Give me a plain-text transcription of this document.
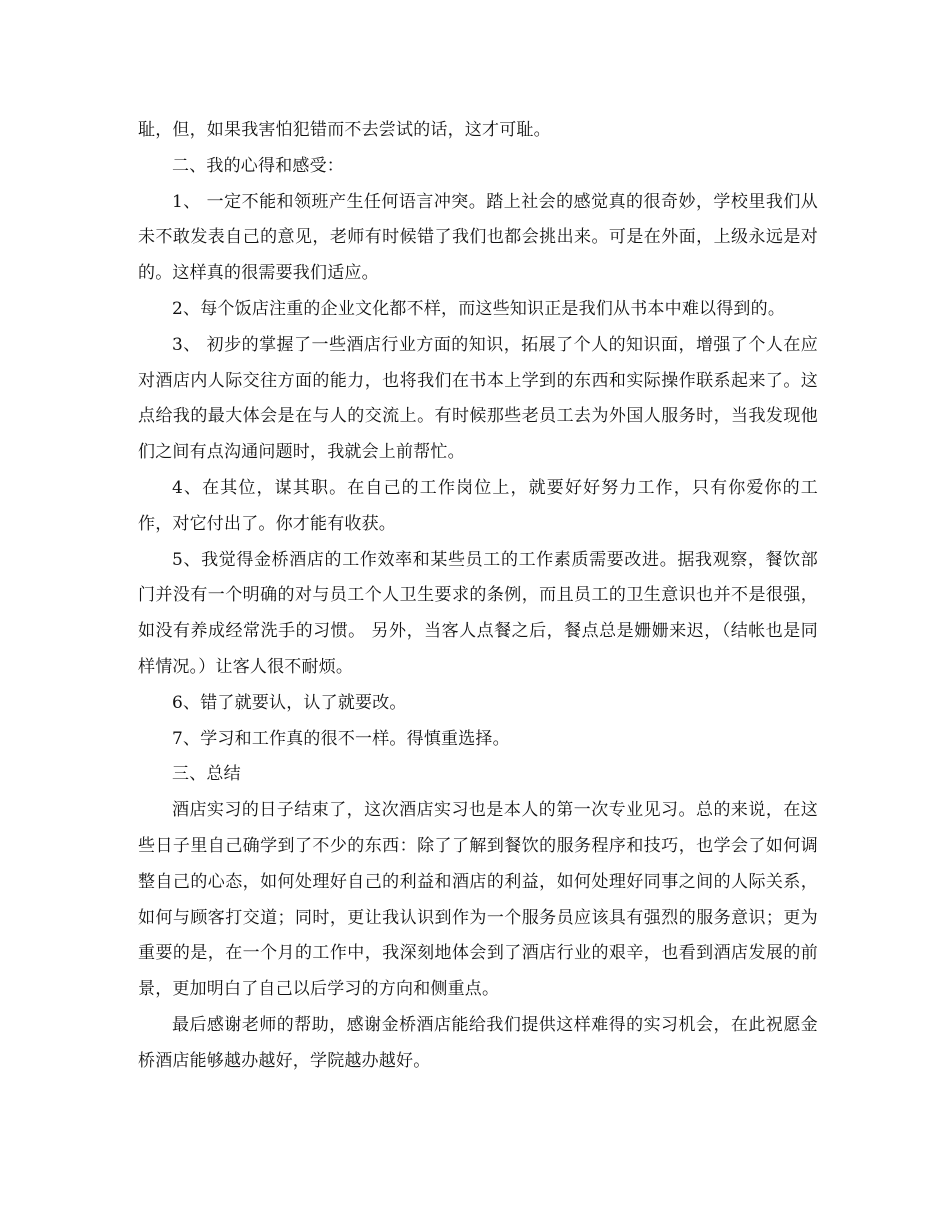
耻，但，如果我害怕犯错而不去尝试的话，这才可耻。

二、我的心得和感受：

1、 一定不能和领班产生任何语言冲突。踏上社会的感觉真的很奇妙，学校里我们从未不敢发表自己的意见，老师有时候错了我们也都会挑出来。可是在外面，上级永远是对的。这样真的很需要我们适应。

2、每个饭店注重的企业文化都不样，而这些知识正是我们从书本中难以得到的。

3、 初步的掌握了一些酒店行业方面的知识，拓展了个人的知识面，增强了个人在应对酒店内人际交往方面的能力，也将我们在书本上学到的东西和实际操作联系起来了。这点给我的最大体会是在与人的交流上。有时候那些老员工去为外国人服务时，当我发现他们之间有点沟通问题时，我就会上前帮忙。

4、在其位，谋其职。在自己的工作岗位上，就要好好努力工作，只有你爱你的工作，对它付出了。你才能有收获。

5、我觉得金桥酒店的工作效率和某些员工的工作素质需要改进。据我观察，餐饮部门并没有一个明确的对与员工个人卫生要求的条例，而且员工的卫生意识也并不是很强，如没有养成经常洗手的习惯。 另外，当客人点餐之后，餐点总是姗姗来迟，（结帐也是同样情况。）让客人很不耐烦。

6、错了就要认，认了就要改。

7、学习和工作真的很不一样。得慎重选择。

三、总结

酒店实习的日子结束了，这次酒店实习也是本人的第一次专业见习。总的来说，在这些日子里自己确学到了不少的东西：除了了解到餐饮的服务程序和技巧，也学会了如何调整自己的心态，如何处理好自己的利益和酒店的利益，如何处理好同事之间的人际关系，如何与顾客打交道；同时，更让我认识到作为一个服务员应该具有强烈的服务意识；更为重要的是，在一个月的工作中，我深刻地体会到了酒店行业的艰辛，也看到酒店发展的前景，更加明白了自己以后学习的方向和侧重点。

最后感谢老师的帮助，感谢金桥酒店能给我们提供这样难得的实习机会，在此祝愿金桥酒店能够越办越好，学院越办越好。
